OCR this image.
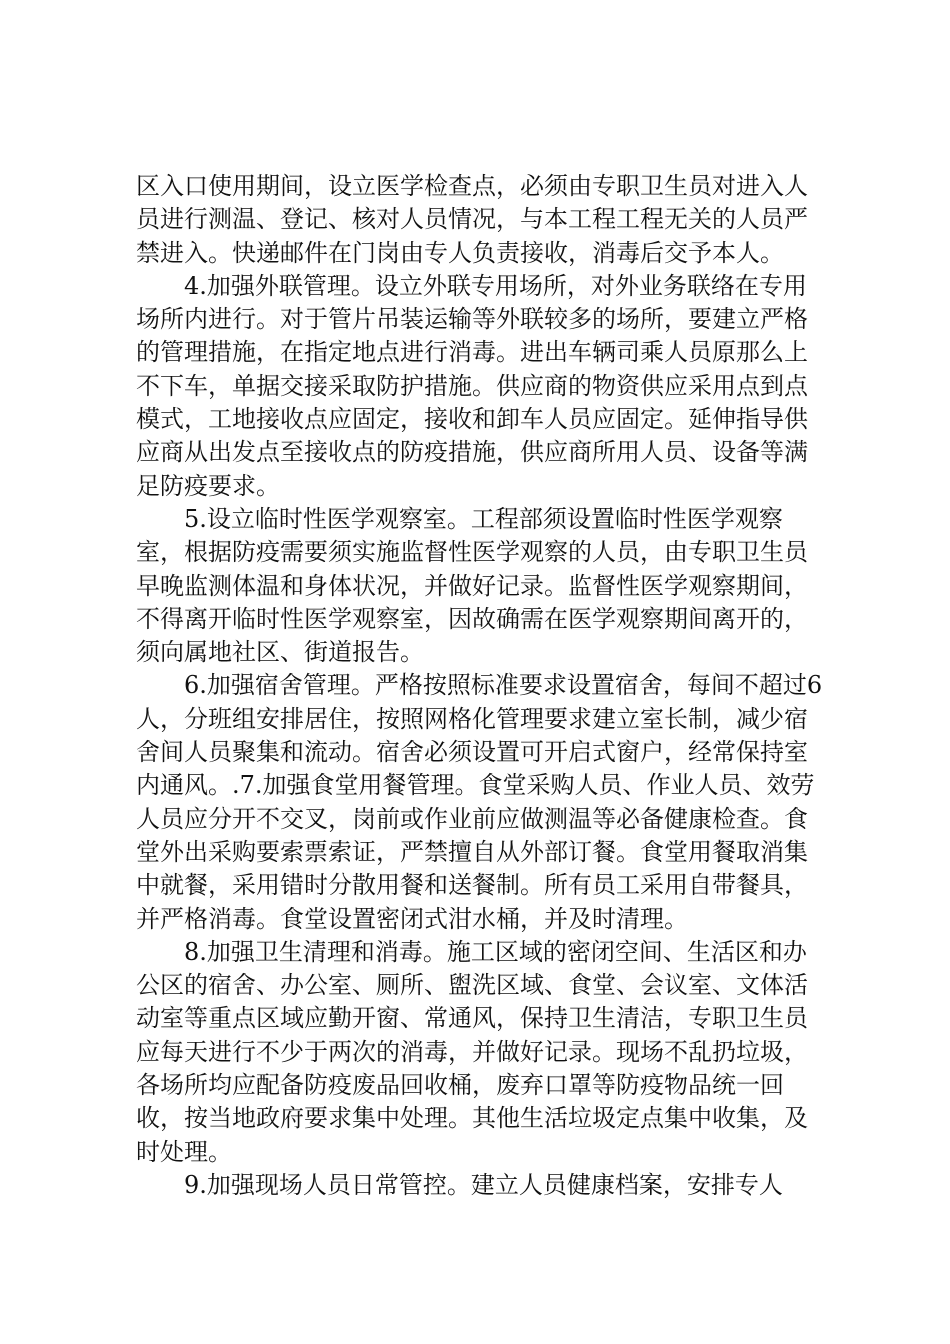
区入口使用期间，设立医学检查点，必须由专职卫生员对进入人员进行测温、登记、核对人员情况，与本工程工程无关的人员严禁进入。快递邮件在门岗由专人负责接收，消毒后交予本人。

4.加强外联管理。设立外联专用场所，对外业务联络在专用场所内进行。对于管片吊装运输等外联较多的场所，要建立严格的管理措施，在指定地点进行消毒。进出车辆司乘人员原那么上不下车，单据交接采取防护措施。供应商的物资供应采用点到点模式，工地接收点应固定，接收和卸车人员应固定。延伸指导供应商从出发点至接收点的防疫措施，供应商所用人员、设备等满足防疫要求。

5.设立临时性医学观察室。工程部须设置临时性医学观察室，根据防疫需要须实施监督性医学观察的人员，由专职卫生员早晚监测体温和身体状况，并做好记录。监督性医学观察期间，不得离开临时性医学观察室，因故确需在医学观察期间离开的，须向属地社区、街道报告。

6.加强宿舍管理。严格按照标准要求设置宿舍，每间不超过6人，分班组安排居住，按照网格化管理要求建立室长制，减少宿舍间人员聚集和流动。宿舍必须设置可开启式窗户，经常保持室内通风。.7.加强食堂用餐管理。食堂采购人员、作业人员、效劳人员应分开不交叉，岗前或作业前应做测温等必备健康检查。食堂外出采购要索票索证，严禁擅自从外部订餐。食堂用餐取消集中就餐，采用错时分散用餐和送餐制。所有员工采用自带餐具，并严格消毒。食堂设置密闭式泔水桶，并及时清理。

8.加强卫生清理和消毒。施工区域的密闭空间、生活区和办公区的宿舍、办公室、厕所、盥洗区域、食堂、会议室、文体活动室等重点区域应勤开窗、常通风，保持卫生清洁，专职卫生员应每天进行不少于两次的消毒，并做好记录。现场不乱扔垃圾，各场所均应配备防疫废品回收桶，废弃口罩等防疫物品统一回收，按当地政府要求集中处理。其他生活垃圾定点集中收集，及时处理。

9.加强现场人员日常管控。建立人员健康档案，安排专人
